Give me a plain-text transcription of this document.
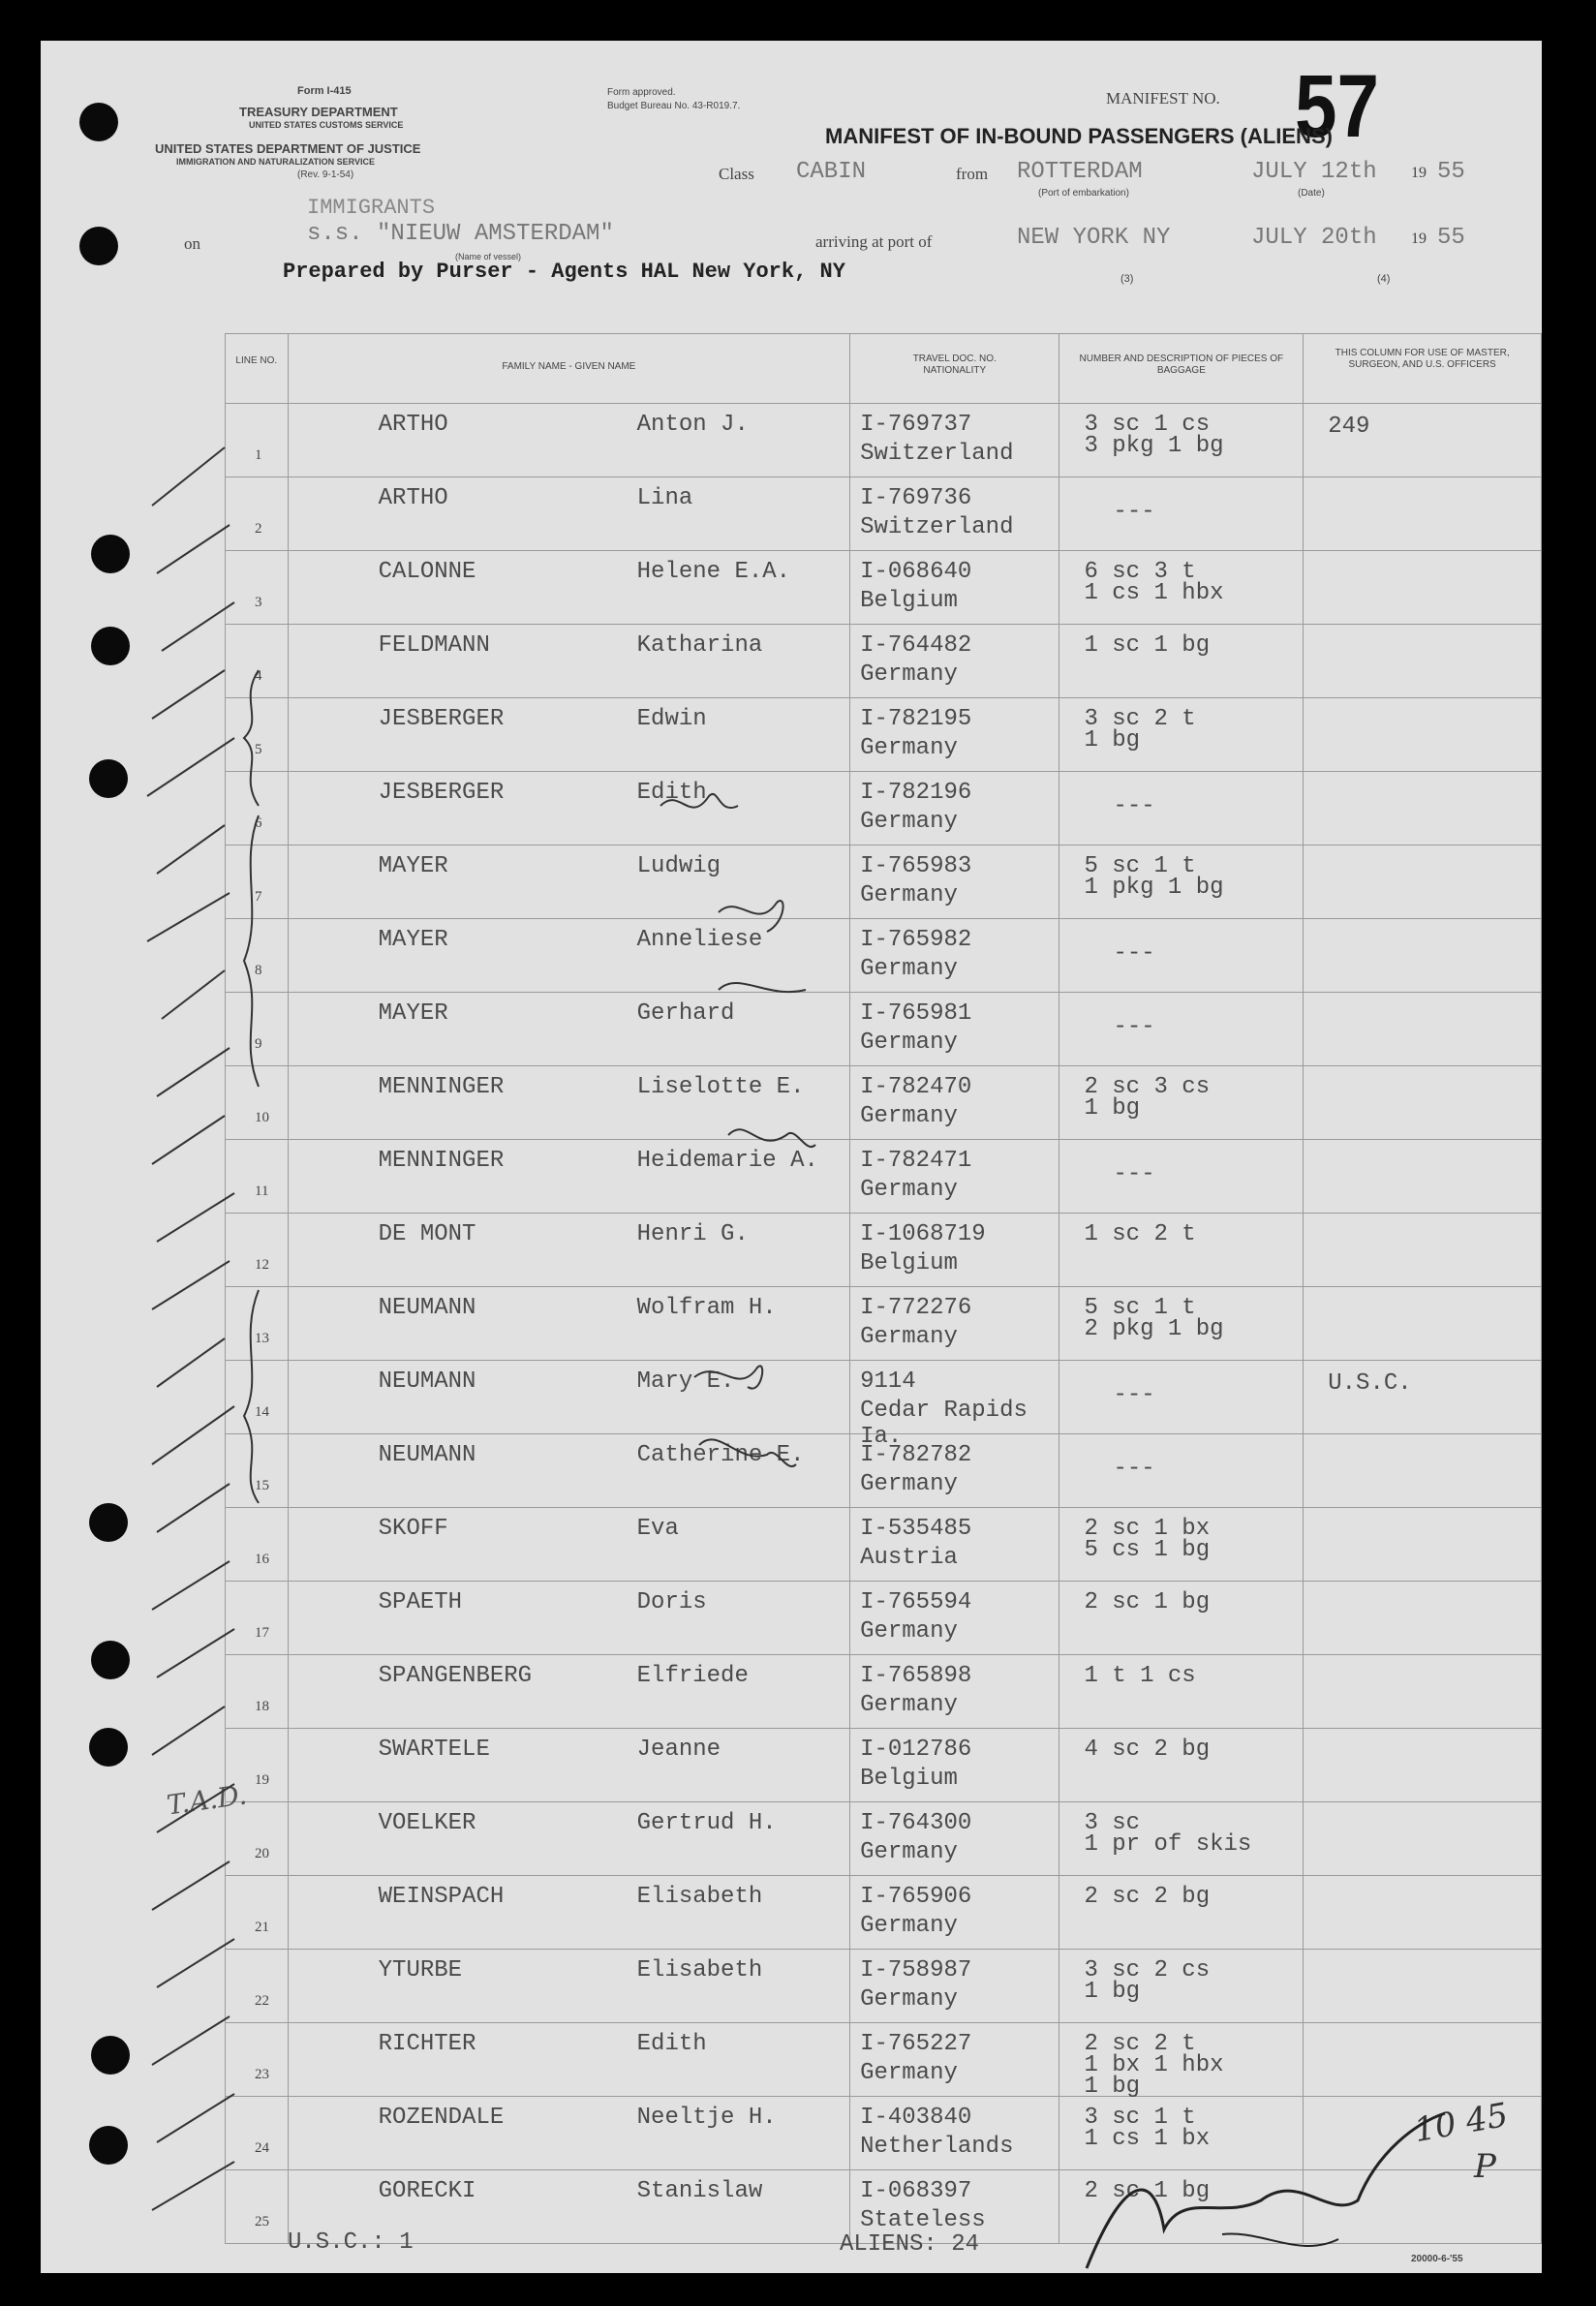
Form I-415
TREASURY DEPARTMENT
UNITED STATES CUSTOMS SERVICE
UNITED STATES DEPARTMENT OF JUSTICE
IMMIGRATION AND NATURALIZATION SERVICE
(Rev. 9-1-54)
Form approved.
Budget Bureau No. 43-R019.7.	MANIFEST NO. 57
MANIFEST OF IN-BOUND PASSENGERS (ALIENS)
Class CABIN	from ROTTERDAM
(Port of embarkation)
JULY 12th 19 55
(Date)
IMMIGRANTS
on	s.s. "NIEUW AMSTERDAM"
(Name of vessel)
arriving at port of	NEW YORK NY	JULY 20th 19 55
Prepared by Purser - Agents HAL New York, NY	(3)	(4)
LINE NO.	FAMILY NAME - GIVEN NAME	TRAVEL DOC. NO. NATIONALITY	NUMBER AND DESCRIPTION OF PIECES OF BAGGAGE	THIS COLUMN FOR USE OF MASTER, SURGEON, AND U.S. OFFICERS

1	ARTHO Anton J.	I-769737
Switzerland	3 sc 1 cs
3 pkg 1 bg	249

2	ARTHO Lina	I-769736
Switzerland	---	

3	CALONNE Helene E.A.	I-068640
Belgium	6 sc 3 t
1 cs 1 hbx	

4	FELDMANN Katharina	I-764482
Germany	1 sc 1 bg	

5	JESBERGER Edwin	I-782195
Germany	3 sc 2 t
1 bg	

6	JESBERGER Edith	I-782196
Germany	---	

7	MAYER Ludwig	I-765983
Germany	5 sc 1 t
1 pkg 1 bg	

8	MAYER Anneliese	I-765982
Germany	---	

9	MAYER Gerhard	I-765981
Germany	---	

10	MENNINGER Liselotte E.	I-782470
Germany	2 sc 3 cs
1 bg	

11	MENNINGER Heidemarie A.	I-782471
Germany	---	

12	DE MONT Henri G.	I-1068719
Belgium	1 sc 2 t	

13	NEUMANN Wolfram H.	I-772276
Germany	5 sc 1 t
2 pkg 1 bg	

14	NEUMANN Mary E.	9114
Cedar Rapids Ia.	---	U.S.C.

15	NEUMANN Catherine E.	I-782782
Germany	---	

16	SKOFF Eva	I-535485
Austria	2 sc 1 bx
5 cs 1 bg	

17	SPAETH Doris	I-765594
Germany	2 sc 1 bg	

18	SPANGENBERG Elfriede	I-765898
Germany	1 t 1 cs	

19	SWARTELE Jeanne	I-012786
Belgium	4 sc 2 bg	

20	VOELKER Gertrud H.	I-764300
Germany	3 sc
1 pr of skis	

21	WEINSPACH Elisabeth	I-765906
Germany	2 sc 2 bg	

22	YTURBE Elisabeth	I-758987
Germany	3 sc 2 cs
1 bg	

23	RICHTER Edith	I-765227
Germany	2 sc 2 t
1 bx 1 hbx
1 bg	

24	ROZENDALE Neeltje H.	I-403840
Netherlands	3 sc 1 t
1 cs 1 bx	

25	GORECKI Stanislaw	I-068397
Stateless	2 sc 1 bg	

U.S.C.: 1	ALIENS: 24
20000-6-'55
T.A.D.
10 45
P
